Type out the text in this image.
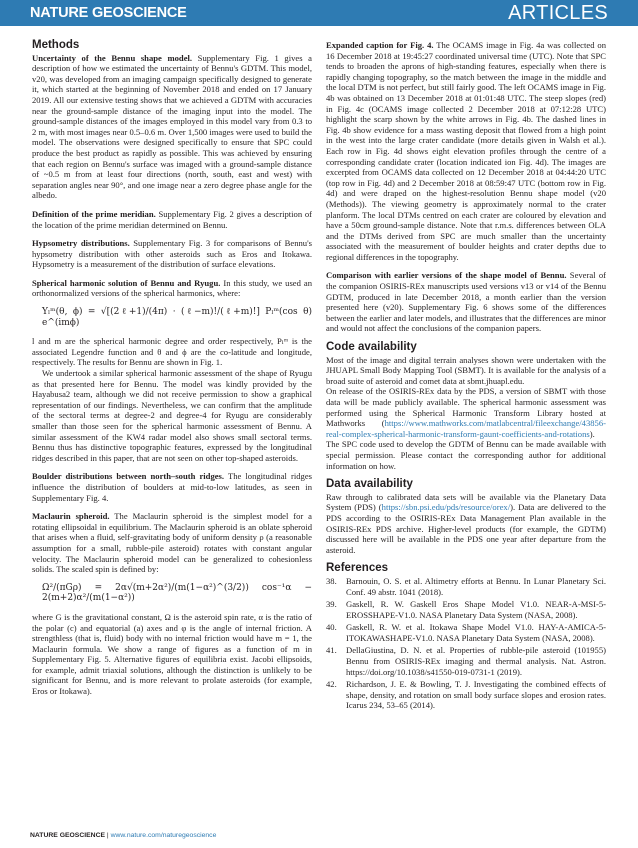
NATURE GEOSCIENCE	ARTICLES
Methods

Uncertainty of the Bennu shape model. Supplementary Fig. 1 gives a description of how we estimated the uncertainty of Bennu's GDTM. This model, v20, was developed from an imaging campaign specifically designed to generate it, which started at the beginning of November 2018 and ended on 17 January 2019. All our extensive testing shows that we achieved a GDTM with accuracies near the ground-sample distance of the imaging input into the model. The ground-sample distances of the images employed in this model vary from 0.3 to 2 m, with most images near 0.5–0.6 m. Over 1,500 images were used to build the model. The observations were designed specifically to ensure that SPC could produce the best product as rapidly as possible. This was achieved by ensuring that each region on Bennu's surface was imaged with a ground-sample distance of ~0.5 m from at least four directions (north, south, east and west) with separation angles near 90°, and one image near a zero degree phase angle for the albedo.

Definition of the prime meridian. Supplementary Fig. 2 gives a description of the location of the prime meridian determined on Bennu.

Hypsometry distributions. Supplementary Fig. 3 for comparisons of Bennu's hypsometry distribution with other asteroids such as Eros and Itokawa. Hypsometry is a measurement of the distribution of surface elevations.

Spherical harmonic solution of Bennu and Ryugu. In this study, we used an orthonormalized versions of the spherical harmonics, where:

Yₗᵐ(θ, ϕ) = √[(2ℓ+1)/(4π) · (ℓ−m)!/(ℓ+m)!] Pₗᵐ(cos θ) e^(imϕ)

l and m are the spherical harmonic degree and order respectively, Pₗᵐ is the associated Legendre function and θ and ϕ are the co-latitude and longitude, respectively. The results for Bennu are shown in Fig. 1.

We undertook a similar spherical harmonic assessment of the shape of Ryugu as that presented here for Bennu. The model was kindly provided by the Hayabusa2 team, although we did not receive permission to show a graphical representation of our findings. Nevertheless, we can confirm that the amplitude of the sectoral terms at degree-2 and degree-4 for Ryugu are considerably smaller than those seen for the spherical harmonic assessment of Bennu. A similar assessment of the KW4 radar model also shows small sectoral terms. Bennu thus has distinctive topographic features, expressed by the longitudinal ridges described in this paper, that are not seen on other top-shaped asteroids.

Boulder distributions between north–south ridges. The longitudinal ridges influence the distribution of boulders at mid-to-low latitudes, as seen in Supplementary Fig. 4.

Maclaurin spheroid. The Maclaurin spheroid is the simplest model for a rotating ellipsoidal in equilibrium. The Maclaurin spheroid is an oblate spheroid that arises when a fluid, self-gravitating body of uniform density ρ (a reasonable assumption for a small, rubble-pile asteroid) rotates with constant angular velocity. The Maclaurin spheroid model can be generalized to cohesionless solids. The scaled spin is defined by:

Ω²/(πGρ) = 2α√(m+2α²)/(m(1−α²)^(3/2)) cos⁻¹α − 2(m+2)α²/(m(1−α²))

where G is the gravitational constant, Ω is the asteroid spin rate, α is the ratio of the polar (c) and equatorial (a) axes and φ is the angle of internal friction. A strengthless (that is, fluid) body with no internal friction would have m = 1, the Maclaurin formula. We show a range of figures as a function of m in Supplementary Fig. 5. Alternative figures of equilibria exist. Jacobi ellipsoids, for example, admit triaxial solutions, although the distinction is unlikely to be significant for Bennu, and is more relevant to prolate asteroids (for example, Eros or Itokawa).

Expanded caption for Fig. 4. The OCAMS image in Fig. 4a was collected on 16 December 2018 at 19:45:27 coordinated universal time (UTC). Note that SPC tends to broaden the aprons of high-standing features, especially when there is rapidly changing topography, so the match between the image in the middle and the local DTM is not perfect, but still fairly good. The left OCAMS image in Fig. 4b was obtained on 13 December 2018 at 01:01:48 UTC. The steep slopes (red) in Fig. 4c (OCAMS image collected 2 December 2018 at 07:12:28 UTC) highlight the scarp shown by the white arrows in Fig. 4b. The dashed lines in Fig. 4b show evidence for a mass wasting deposit that flowed from a high point in the west into the large crater candidate (more details given in Walsh et al.). Each row in Fig. 4d shows eight elevation profiles through the centre of a corresponding candidate crater (location indicated ion Fig. 4d). The images are excerpted from OCAMS data collected on 12 December 2018 at 04:44:20 UTC (top row in Fig. 4d) and 2 December 2018 at 08:59:47 UTC (bottom row in Fig. 4d) and were draped on the highest-resolution Bennu shape model (v20 (Methods)). The viewing geometry is approximately normal to the crater planform. The local DTMs centred on each crater are coloured by elevation and have a 50cm ground-sample distance. Note that r.m.s. differences between OLA and the DTMs derived from SPC are much smaller than the uncertainty associated with the measurement of boulder heights and crater depths due to regional differences in the topography.

Comparison with earlier versions of the shape model of Bennu. Several of the companion OSIRIS-REx manuscripts used versions v13 or v14 of the Bennu GDTM, produced in late December 2018, a month earlier than the version presented here (v20). Supplementary Fig. 6 shows some of the differences between the earlier and later models, and illustrates that the differences are minor and would not affect the conclusions of the companion papers.

Code availability

Most of the image and digital terrain analyses shown were undertaken with the JHUAPL Small Body Mapping Tool (SBMT). It is available for the analysis of a broad suite of asteroid and comet data at sbmt.jhuapl.edu.

On release of the OSIRIS-REx data by the PDS, a version of SBMT with those data will be made publicly available. The spherical harmonic assessment was performed using the Spherical Harmonic Transform Library hosted at Mathworks (https://www.mathworks.com/matlabcentral/fileexchange/43856-real-complex-spherical-harmonic-transform-gaunt-coefficients-and-rotations). The SPC code used to develop the GDTM of Bennu can be made available with special permission. Please contact the corresponding author for additional information on how.

Data availability

Raw through to calibrated data sets will be available via the Planetary Data System (PDS) (https://sbn.psi.edu/pds/resource/orex/). Data are delivered to the PDS according to the OSIRIS-REx Data Management Plan available in the OSIRIS-REx PDS archive. Higher-level products (for example, the GDTM) discussed here will be available in the PDS one year after departure from the asteroid.

References
38.	Barnouin, O. S. et al. Altimetry efforts at Bennu. In Lunar Planetary Sci. Conf. 49 abstr. 1041 (2018).
39.	Gaskell, R. W. Gaskell Eros Shape Model V1.0. NEAR-A-MSI-5-EROSSHAPE-V1.0. NASA Planetary Data System (NASA, 2008).
40.	Gaskell, R. W. et al. Itokawa Shape Model V1.0. HAY-A-AMICA-5-ITOKAWASHAPE-V1.0. NASA Planetary Data System (NASA, 2008).
41.	DellaGiustina, D. N. et al. Properties of rubble-pile asteroid (101955) Bennu from OSIRIS-REx imaging and thermal analysis. Nat. Astron. https://doi.org/10.1038/s41550-019-0731-1 (2019).
42.	Richardson, J. E. & Bowling, T. J. Investigating the combined effects of shape, density, and rotation on small body surface slopes and erosion rates. Icarus 234, 53–65 (2014).
NATURE GEOSCIENCE | www.nature.com/naturegeoscience
